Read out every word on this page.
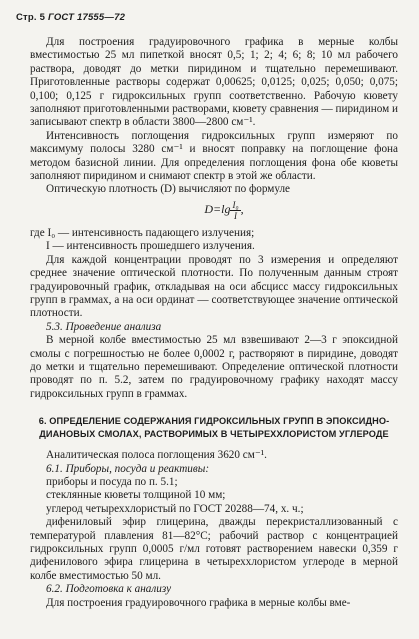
Стр. 5 ГОСТ 17555—72

Для построения градуировочного графика в мерные колбы вместимостью 25 мл пипеткой вносят 0,5; 1; 2; 4; 6; 8; 10 мл рабочего раствора, доводят до метки пиридином и тщательно перемешивают. Приготовленные растворы содержат 0,00625; 0,0125; 0,025; 0,050; 0,075; 0,100; 0,125 г гидроксильных групп соответственно. Рабочую кювету заполняют приготовленными растворами, кювету сравнения — пиридином и записывают спектр в области 3800—2800 см⁻¹.

Интенсивность поглощения гидроксильных групп измеряют по максимуму полосы 3280 см⁻¹ и вносят поправку на поглощение фона методом базисной линии. Для определения поглощения фона обе кюветы заполняют пиридином и снимают спектр в этой же области.

Оптическую плотность (D) вычисляют по формуле

$D=\lg \frac{\text{I₀}}{I}$ ,

где I₀ — интенсивность падающего излучения;

I — интенсивность прошедшего излучения.

Для каждой концентрации проводят по 3 измерения и определяют среднее значение оптической плотности. По полученным данным строят градуировочный график, откладывая на оси абсцисс массу гидроксильных групп в граммах, а на оси ординат — соответствующее значение оптической плотности.

5.3. Проведение анализа

В мерной колбе вместимостью 25 мл взвешивают 2—3 г эпоксидной смолы с погрешностью не более 0,0002 г, растворяют в пиридине, доводят до метки и тщательно перемешивают. Определение оптической плотности проводят по п. 5.2, затем по градуировочному графику находят массу гидроксильных групп в граммах.

6. ОПРЕДЕЛЕНИЕ СОДЕРЖАНИЯ ГИДРОКСИЛЬНЫХ ГРУПП В ЭПОКСИДНО-ДИАНОВЫХ СМОЛАХ, РАСТВОРИМЫХ В ЧЕТЫРЕХХЛОРИСТОМ УГЛЕРОДЕ

Аналитическая полоса поглощения 3620 см⁻¹.

6.1. Приборы, посуда и реактивы:

приборы и посуда по п. 5.1;

стеклянные кюветы толщиной 10 мм;

углерод четыреххлористый по ГОСТ 20288—74, х. ч.;

дифениловый эфир глицерина, дважды перекристаллизованный с температурой плавления 81—82°С; рабочий раствор с концентрацией гидроксильных групп 0,0005 г/мл готовят растворением навески 0,359 г дифенилового эфира глицерина в четыреххлористом углероде в мерной колбе вместимостью 50 мл.

6.2. Подготовка к анализу

Для построения градуировочного графика в мерные колбы вме-
